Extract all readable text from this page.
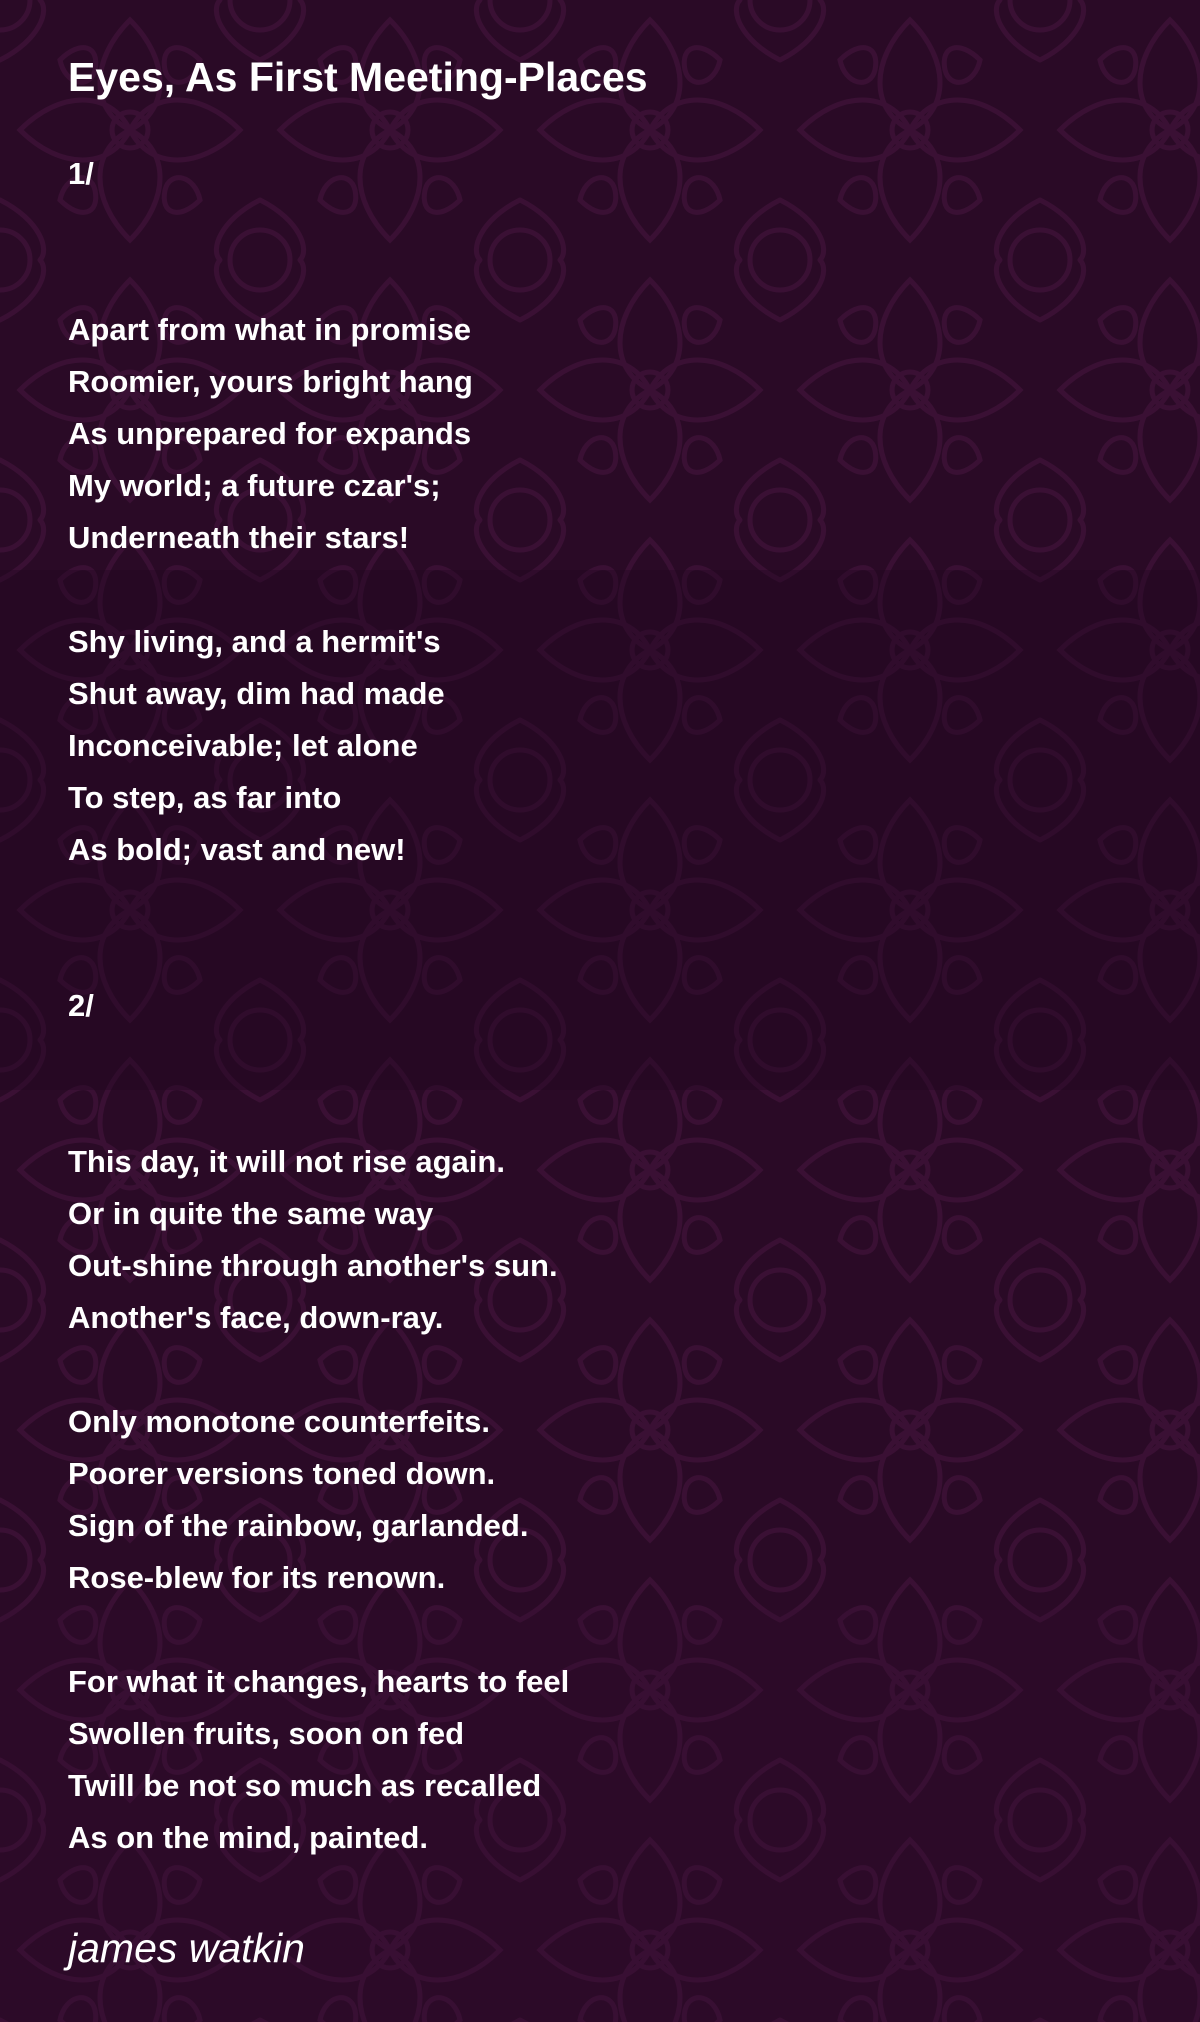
Eyes, As First Meeting-Places

1/

Apart from what in promise

Roomier, yours bright hang

As unprepared for expands

My world; a future czar's;

Underneath their stars!

Shy living, and a hermit's

Shut away, dim had made

Inconceivable; let alone

To step, as far into

As bold; vast and new!

2/

This day, it will not rise again.

Or in quite the same way

Out-shine through another's sun.

Another's face, down-ray.

Only monotone counterfeits.

Poorer versions toned down.

Sign of the rainbow, garlanded.

Rose-blew for its renown.

For what it changes, hearts to feel

Swollen fruits, soon on fed

Twill be not so much as recalled

As on the mind, painted.

james watkin
